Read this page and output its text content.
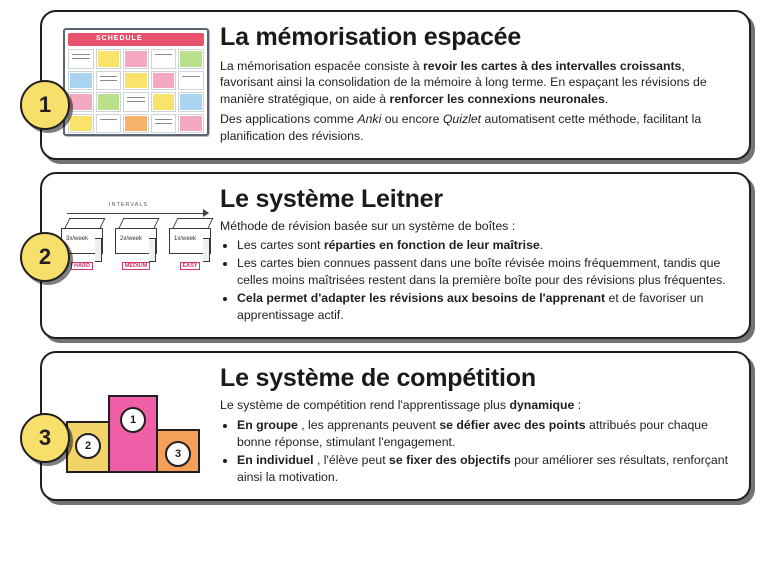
1
SCHEDULE	La mémorisation espacée

La mémorisation espacée consiste à revoir les cartes à des intervalles croissants, favorisant ainsi la consolidation de la mémoire à long terme. En espaçant les révisions de manière stratégique, on aide à renforcer les connexions neuronales.

Des applications comme Anki ou encore Quizlet automatisent cette méthode, facilitant la planification des révisions.

2
INTERVALS
3x/week
HARD
2x/week
MEDIUM
1x/week
EASY
Le système Leitner

Méthode de révision basée sur un système de boîtes :

• Les cartes sont réparties en fonction de leur maîtrise.
• Les cartes bien connues passent dans une boîte révisée moins fréquemment, tandis que celles moins maîtrisées restent dans la première boîte pour des révisions plus fréquentes.
• Cela permet d'adapter les révisions aux besoins de l'apprenant et de favoriser un apprentissage actif.
3	2
1
3
Le système de compétition

Le système de compétition rend l'apprentissage plus dynamique :

• En groupe , les apprenants peuvent se défier avec des points attribués pour chaque bonne réponse, stimulant l'engagement.
• En individuel , l'élève peut se fixer des objectifs pour améliorer ses résultats, renforçant ainsi la motivation.
